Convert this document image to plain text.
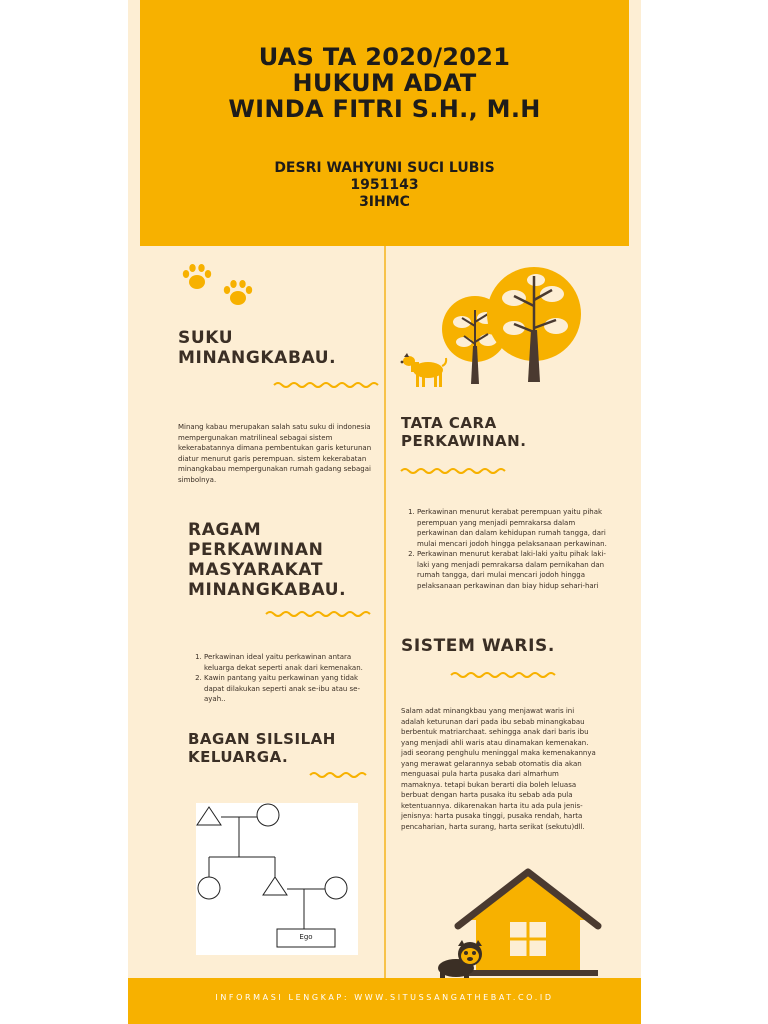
UAS TA 2020/2021
HUKUM ADAT
WINDA FITRI S.H., M.H
DESRI WAHYUNI SUCI LUBIS
1951143
3IHMC
SUKU
MINANGKABAU.
Minang kabau merupakan salah satu suku di indonesia mempergunakan matrilineal sebagai sistem kekerabatannya dimana pembentukan garis keturunan diatur menurut garis perempuan. sistem kekerabatan minangkabau mempergunakan rumah gadang sebagai simbolnya.
RAGAM
PERKAWINAN
MASYARAKAT
MINANGKABAU.
1. Perkawinan ideal yaitu perkawinan antara keluarga dekat seperti anak dari kemenakan.
2. Kawin pantang yaitu perkawinan yang tidak dapat dilakukan seperti anak se-ibu atau se-ayah..
BAGAN SILSILAH
KELUARGA.
Ego
TATA CARA
PERKAWINAN.
1. Perkawinan menurut kerabat perempuan yaitu pihak perempuan yang menjadi pemrakarsa dalam perkawinan dan dalam kehidupan rumah tangga, dari mulai mencari jodoh hingga pelaksanaan perkawinan.
2. Perkawinan menurut kerabat laki-laki yaitu pihak laki-laki yang menjadi pemrakarsa dalam pernikahan dan rumah tangga, dari mulai mencari jodoh hingga pelaksanaan perkawinan dan biay hidup sehari-hari
SISTEM WARIS.
Salam adat minangkbau yang menjawat waris ini adalah keturunan dari pada ibu sebab minangkabau berbentuk matriarchaat. sehingga anak dari baris ibu yang menjadi ahli waris atau dinamakan kemenakan. jadi seorang penghulu meninggal maka kemenakannya yang merawat gelarannya sebab otomatis dia akan menguasai pula harta pusaka dari almarhum mamaknya. tetapi bukan berarti dia boleh leluasa berbuat dengan harta pusaka itu sebab ada pula ketentuannya. dikarenakan harta itu ada pula jenis-jenisnya: harta pusaka tinggi, pusaka rendah, harta pencaharian, harta surang, harta serikat (sekutu)dll.
INFORMASI LENGKAP: WWW.SITUSSANGATHEBAT.CO.ID
